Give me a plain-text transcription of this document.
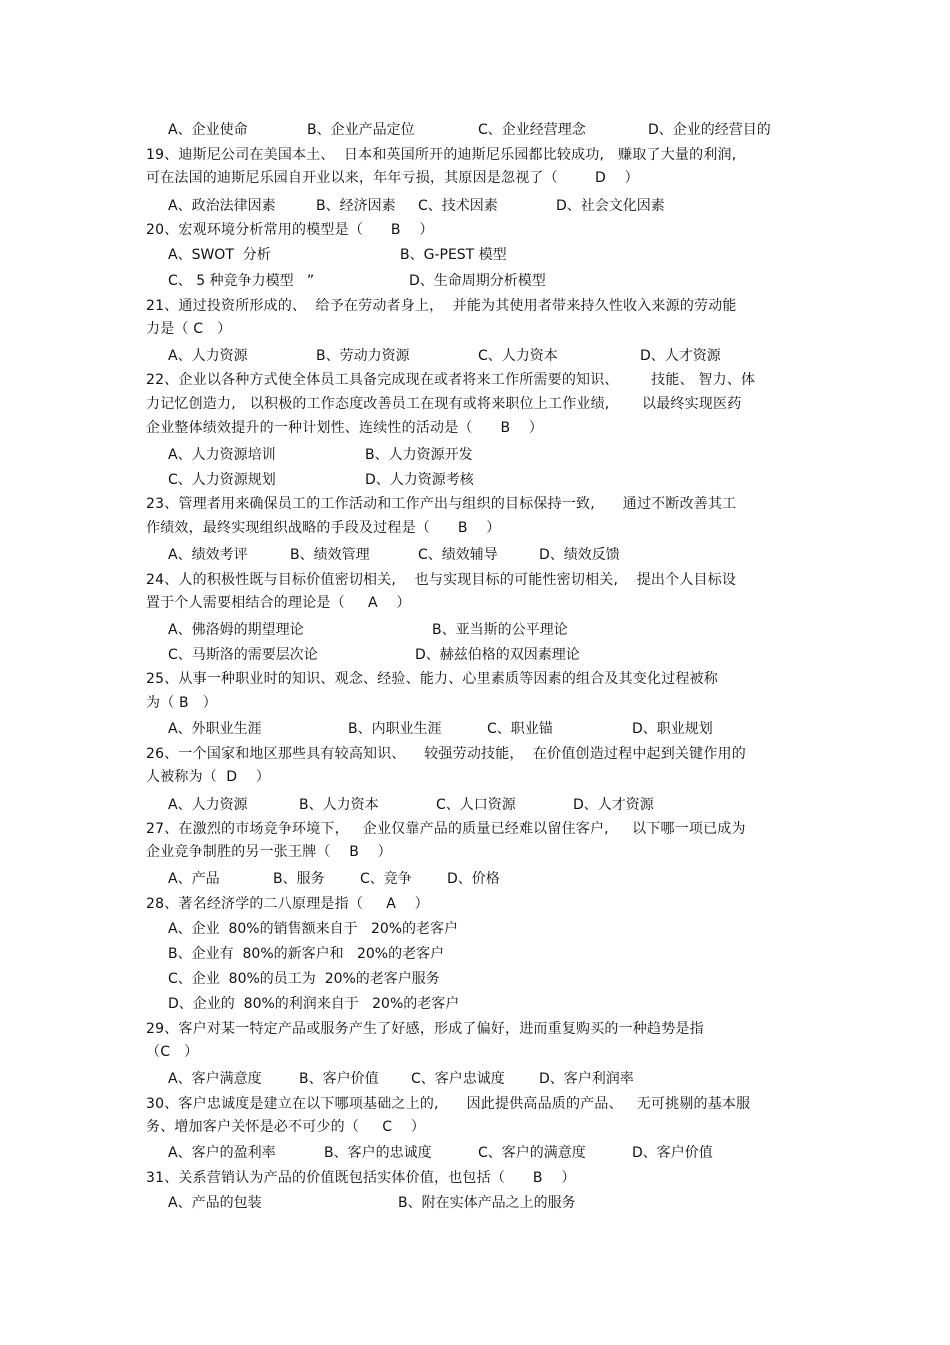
A、企业使命	B、企业产品定位	C、企业经营理念	D、企业的经营目的
19、迪斯尼公司在美国本土、  日本和英国所开的迪斯尼乐园都比较成功,   赚取了大量的利润,
可在法国的迪斯尼乐园自开业以来，年年亏损，其原因是忽视了（        D    ）
A、政治法律因素	B、经济因素 C、技术因素	D、社会文化因素
20、宏观环境分析常用的模型是（      B    ）
A、SWOT  分析	B、G-PEST 模型
C、 5 种竞争力模型   ”	D、生命周期分析模型
21、通过投资所形成的、  给予在劳动者身上，  并能为其使用者带来持久性收入来源的劳动能
力是（ C   ）
A、人力资源	B、劳动力资源	C、人力资本	D、人才资源
22、企业以各种方式使全体员工具备完成现在或者将来工作所需要的知识、       技能、 智力、体
力记忆创造力,   以积极的工作态度改善员工在现有或将来职位上工作业绩,       以最终实现医药
企业整体绩效提升的一种计划性、连续性的活动是（      B    ）
A、人力资源培训	B、人力资源开发
C、人力资源规划	D、人力资源考核
23、管理者用来确保员工的工作活动和工作产出与组织的目标保持一致,      通过不断改善其工
作绩效，最终实现组织战略的手段及过程是（      B    ）
A、绩效考评	B、绩效管理	C、绩效辅导	D、绩效反馈
24、人的积极性既与目标价值密切相关,    也与实现目标的可能性密切相关,    提出个人目标设
置于个人需要相结合的理论是（     A    ）
A、佛洛姆的期望理论	B、亚当斯的公平理论
C、马斯洛的需要层次论	D、赫兹伯格的双因素理论
25、从事一种职业时的知识、观念、经验、能力、心里素质等因素的组合及其变化过程被称
为（ B   ）
A、外职业生涯	B、内职业生涯	C、职业锚	D、职业规划
26、一个国家和地区那些具有较高知识、    较强劳动技能，  在价值创造过程中起到关键作用的
人被称为（  D    ）
A、人力资源	B、人力资本	C、人口资源	D、人才资源
27、在激烈的市场竞争环境下，   企业仅靠产品的质量已经难以留住客户,     以下哪一项已成为
企业竞争制胜的另一张王牌（    B    ）
A、产品	B、服务	C、竞争	D、价格
28、著名经济学的二八原理是指（     A    ）
A、企业  80%的销售额来自于   20%的老客户
B、企业有  80%的新客户和   20%的老客户
C、企业  80%的员工为  20%的老客户服务
D、企业的  80%的利润来自于   20%的老客户
29、客户对某一特定产品或服务产生了好感，形成了偏好，进而重复购买的一种趋势是指
（C   ）
A、客户满意度	B、客户价值 C、客户忠诚度 D、客户利润率
30、客户忠诚度是建立在以下哪项基础之上的,      因此提供高品质的产品、   无可挑剔的基本服
务、增加客户关怀是必不可少的（     C    ）
A、客户的盈利率	B、客户的忠诚度	C、客户的满意度	D、客户价值
31、关系营销认为产品的价值既包括实体价值，也包括（      B    ）
A、产品的包装	B、附在实体产品之上的服务
